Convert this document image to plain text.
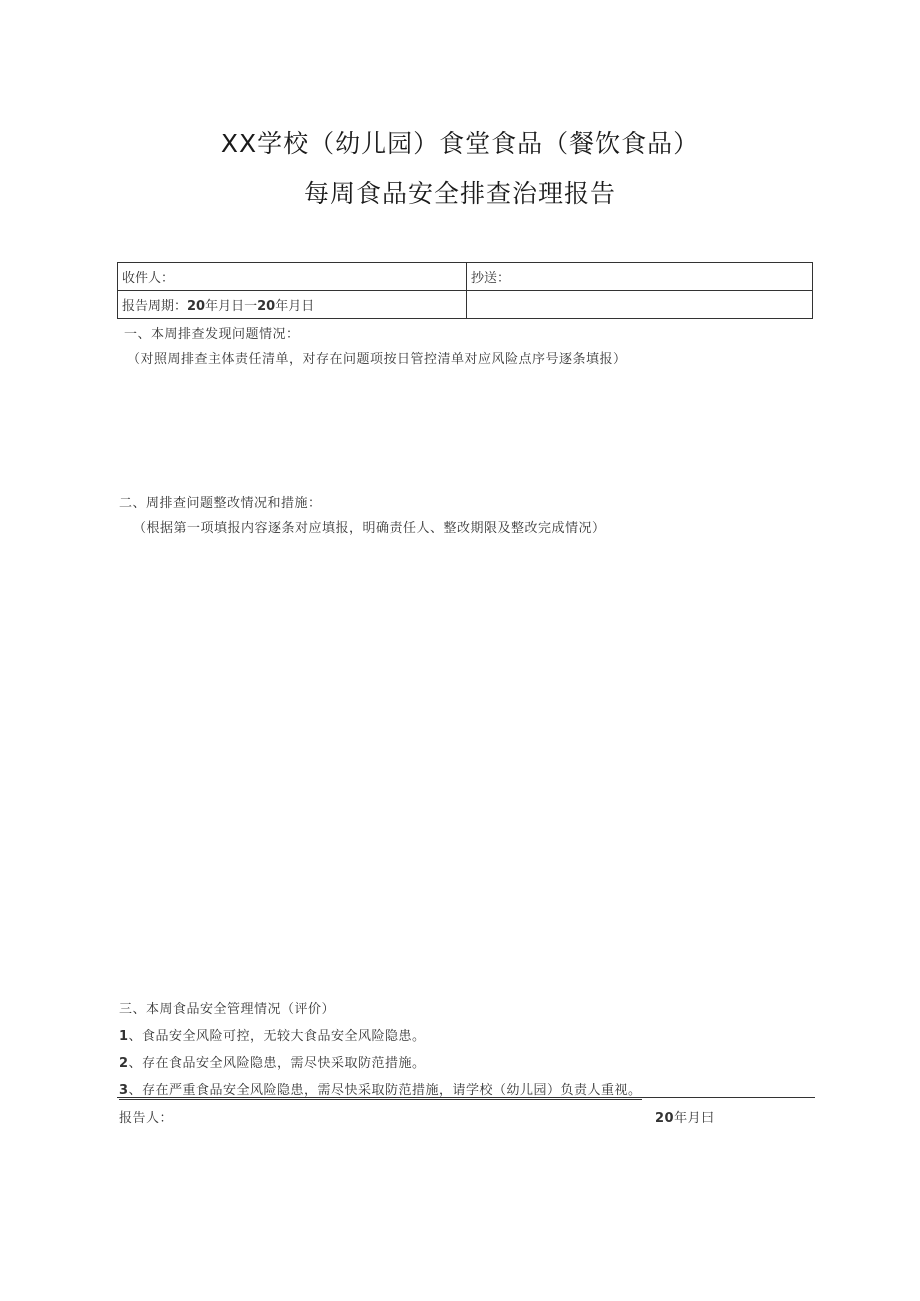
XX学校（幼儿园）食堂食品（餐饮食品）
每周食品安全排查治理报告
收件人：	抄送：
报告周期：20年月日一20年月日	
一、本周排查发现问题情况：
（对照周排查主体责任清单，对存在问题项按日管控清单对应风险点序号逐条填报）
二、周排查问题整改情况和措施：
（根据第一项填报内容逐条对应填报，明确责任人、整改期限及整改完成情况）
三、本周食品安全管理情况（评价）
1、食品安全风险可控，无较大食品安全风险隐患。
2、存在食品安全风险隐患，需尽快采取防范措施。
3、存在严重食品安全风险隐患，需尽快采取防范措施，请学校（幼儿园）负责人重视。
报告人：	20年月曰
